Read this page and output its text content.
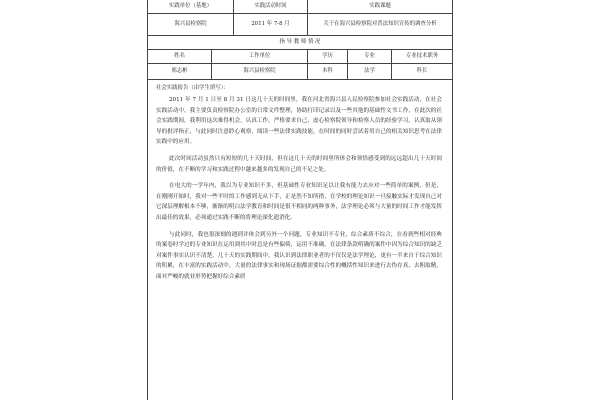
实践单位（基地）	实践活动时间	实践课题
海兴县检察院	2011 年 7-8 月	关于在海兴县检察院对普法知识宣传的调查分析
指 导 教 师 情 况
姓名	工作单位	学历	专业	专业技术职务
邢志彬	海兴县检察院	本科	法学	科长
社会实践报告（由学生填写）：

2011 年 7 月 1 日至 8 月 31 日这几十天的时间里，我在河北省海兴县人民检察院参加社会实践活动，在社会实践活动中，我主要负责检察院办公室的日常文件整理，协助打印记录以及一些其他的基础性文书工作，在此次的社会实践期间，我利用这次难得机会，认真工作，严格要求自己，虚心检察院领导和检察人员的经验学习，认真取从领导的批评指正，与此同时注意聆心观察，阅读一些法律实践技能，在时间的同时尝试着用自己的相关知识思考在法律实践中的应用。

此次时间活动虽然只有短短的几十天时间，但在这几十天的时间里所体会和领悟感受到的远远超出几十天时间的价值，在不断的学习和实践过程中越来越多的发现自己的不足之处。

在电大的一学年内，我以为专业知识不多，但基础性专业知识足以让我有能力去应对一些简单的案例，但是，在刚刚开始时，我对一些平时的工作感到无从下手，正是然不知所措，在学校的理论知识一旦接触实际才发现自己对它深层理解根本不够，渐渐的明白法学教育和时间是很不相同的两种事务，法学理论必须与大量的时间工作才能发挥出最佳的效果，必须通过实践不断的将理论深化遗消化。

与此同时，我也很深刻的遇到并体会到另外一个问题，专业知识不专业，综合素质不综合，在看到些相对经典的案卷时学过的专业知识在运用到其中时总是有些偏倚，运用不准确，在法律条款明确的案件中因为综合知识的缺乏对案件事实认识不清楚，几十天的实践期间中，我认识到法律职业者的不仅仅是法学理论，更有一半来自于综合知识的积累，在丰富的实践活动中，大量的法律事实和现场证据都需要综合性的概括性知识来进行去伪存真，去粗取精，面对严峻的就业形势把握好综合素质
